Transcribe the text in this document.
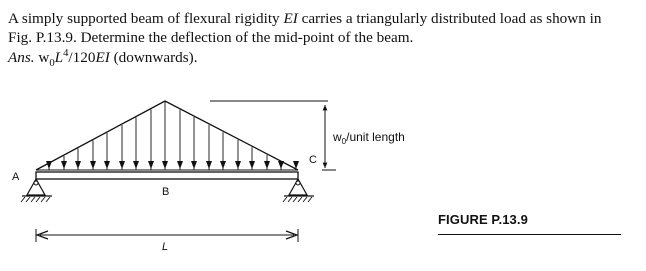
A simply supported beam of flexural rigidity EI carries a triangularly distributed load as shown in
Fig. P.13.9. Determine the deflection of the mid-point of the beam.

Ans. $w_0L^4/120EI$ (downwards).

A
B
C
L
$w_0$/unit length
FIGURE P.13.9
